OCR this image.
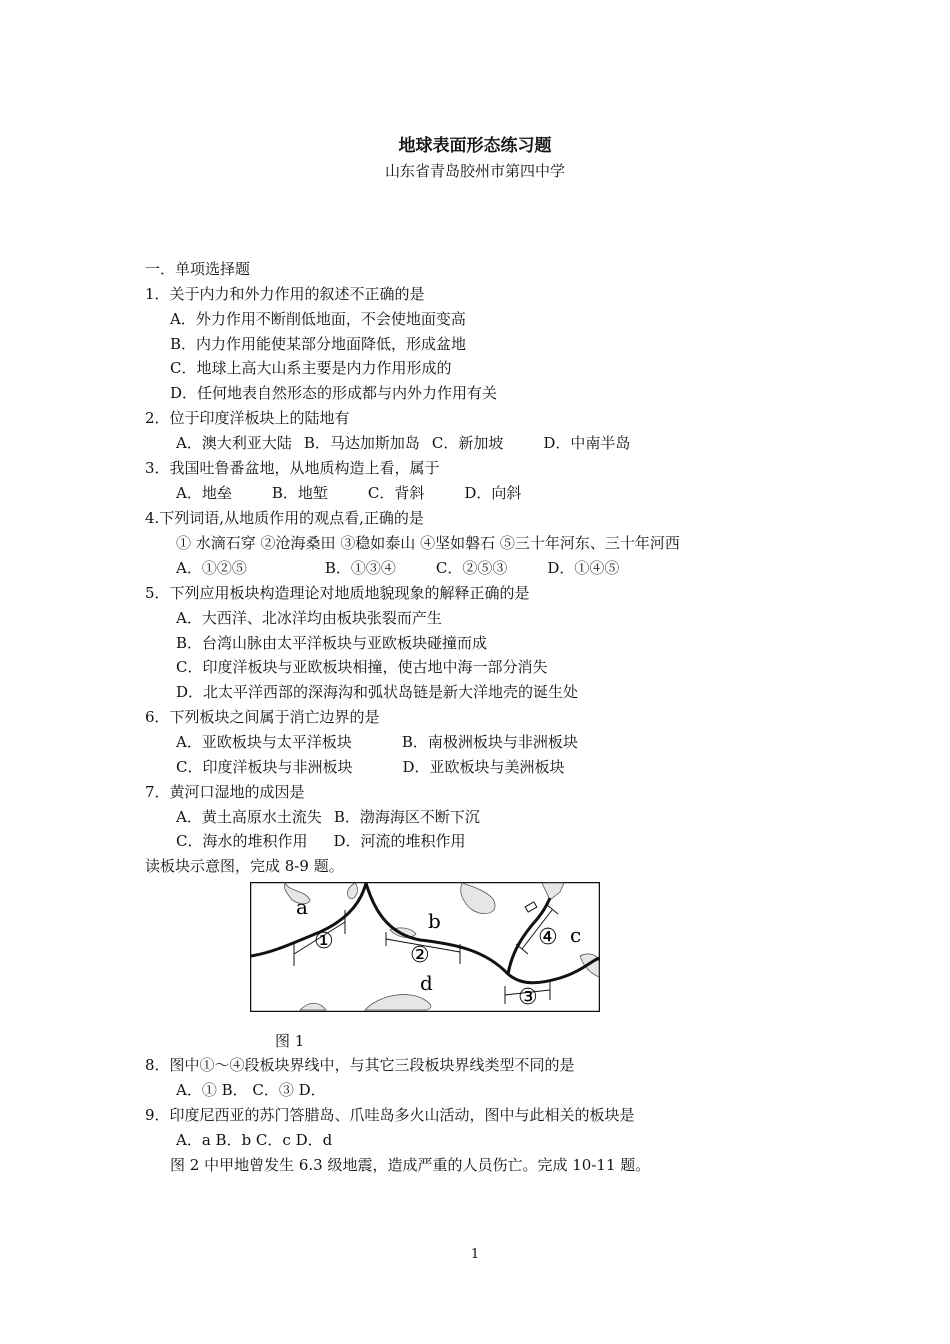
地球表面形态练习题
山东省青岛胶州市第四中学
一．单项选择题
1．关于内力和外力作用的叙述不正确的是
A．外力作用不断削低地面，不会使地面变高
B．内力作用能使某部分地面降低，形成盆地
C．地球上高大山系主要是内力作用形成的
D．任何地表自然形态的形成都与内外力作用有关
2．位于印度洋板块上的陆地有
A．澳大利亚大陆 B．马达加斯加岛 C．新加坡	D．中南半岛
3．我国吐鲁番盆地，从地质构造上看，属于
A．地垒	B．地堑	C．背斜	D．向斜
4.下列词语,从地质作用的观点看,正确的是
① 水滴石穿 ②沧海桑田 ③稳如泰山 ④坚如磐石 ⑤三十年河东、三十年河西
A．①②⑤	B．①③④	C．②⑤③	D．①④⑤
5．下列应用板块构造理论对地质地貌现象的解释正确的是
A．大西洋、北冰洋均由板块张裂而产生
B．台湾山脉由太平洋板块与亚欧板块碰撞而成
C．印度洋板块与亚欧板块相撞，使古地中海一部分消失
D．北太平洋西部的深海沟和弧状岛链是新大洋地壳的诞生处
6．下列板块之间属于消亡边界的是
A．亚欧板块与太平洋板块	B．南极洲板块与非洲板块
C．印度洋板块与非洲板块	D．亚欧板块与美洲板块
7．黄河口湿地的成因是
A．黄土高原水土流失 B．渤海海区不断下沉
C．海水的堆积作用 D．河流的堆积作用
读板块示意图，完成 8-9 题。
a
b
c
d
①
②
③
④
图 1
8．图中①～④段板块界线中，与其它三段板块界线类型不同的是
A．① B． C．③ D．
9．印度尼西亚的苏门答腊岛、爪哇岛多火山活动，图中与此相关的板块是
A．a B．b C．c D．d
图 2 中甲地曾发生 6.3 级地震，造成严重的人员伤亡。完成 10-11 题。
1
